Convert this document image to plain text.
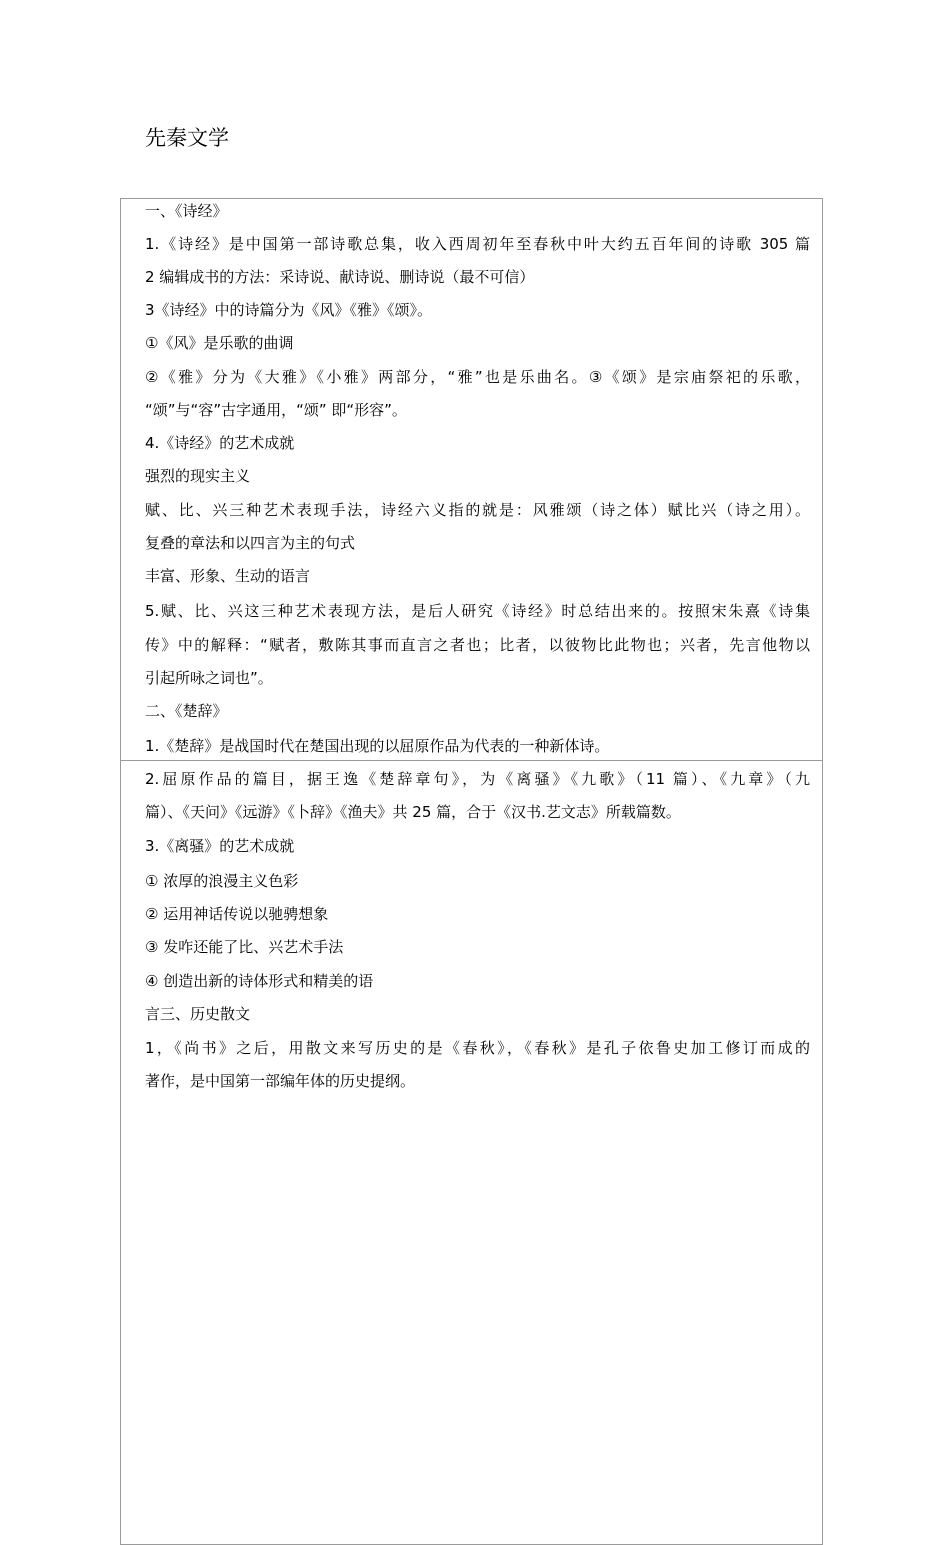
先秦文学
一、《诗经》
1.《诗经》是中国第一部诗歌总集，收入西周初年至春秋中叶大约五百年间的诗歌 305 篇
2 编辑成书的方法：采诗说、献诗说、删诗说（最不可信）
3《诗经》中的诗篇分为《风》《雅》《颂》。
①《风》是乐歌的曲调
②《雅》分为《大雅》《小雅》两部分，“雅”也是乐曲名。③《颂》是宗庙祭祀的乐歌，
“颂”与“容”古字通用，“颂” 即“形容”。
4.《诗经》的艺术成就
强烈的现实主义
赋、比、兴三种艺术表现手法，诗经六义指的就是：风雅颂（诗之体）赋比兴（诗之用）。
复叠的章法和以四言为主的句式
丰富、形象、生动的语言
5.赋、比、兴这三种艺术表现方法，是后人研究《诗经》时总结出来的。按照宋朱熹《诗集
传》中的解释：“赋者，敷陈其事而直言之者也；比者，以彼物比此物也；兴者，先言他物以
引起所咏之词也”。
二、《楚辞》
1.《楚辞》是战国时代在楚国出现的以屈原作品为代表的一种新体诗。
2.屈原作品的篇目，据王逸《楚辞章句》，为《离骚》《九歌》（11 篇）、《九章》（九
篇）、《天问》《远游》《卜辞》《渔夫》共 25 篇，合于《汉书.艺文志》所载篇数。
3.《离骚》的艺术成就
① 浓厚的浪漫主义色彩
② 运用神话传说以驰骋想象
③ 发咋还能了比、兴艺术手法
④ 创造出新的诗体形式和精美的语
言三、历史散文
1，《尚书》之后，用散文来写历史的是《春秋》，《春秋》是孔子依鲁史加工修订而成的
著作，是中国第一部编年体的历史提纲。
